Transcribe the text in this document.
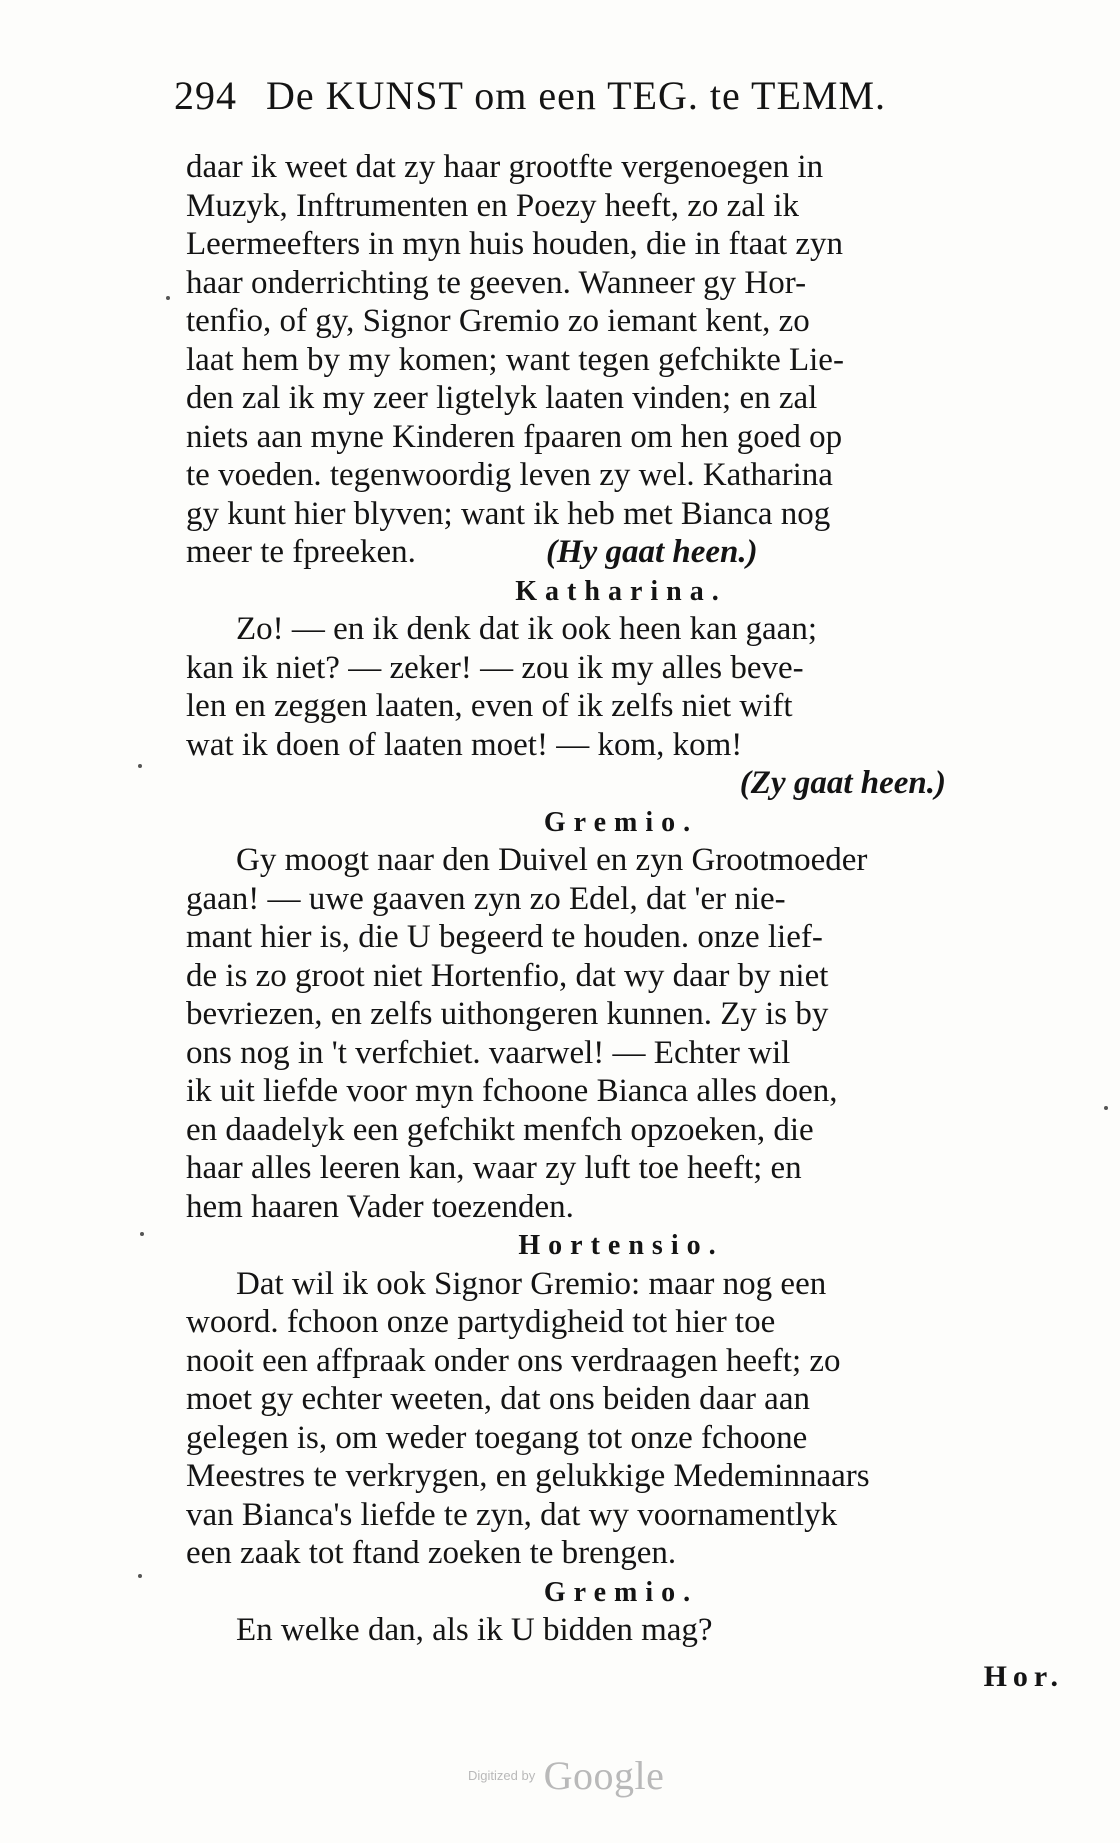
294 De KUNST om een TEG. te TEMM.
daar ik weet dat zy haar grootfte vergenoegen in
Muzyk, Inftrumenten en Poezy heeft, zo zal ik
Leermeefters in myn huis houden, die in ftaat zyn
haar onderrichting te geeven. Wanneer gy Hor-
tenfio, of gy, Signor Gremio zo iemant kent, zo
laat hem by my komen; want tegen gefchikte Lie-
den zal ik my zeer ligtelyk laaten vinden; en zal
niets aan myne Kinderen fpaaren om hen goed op
te voeden. tegenwoordig leven zy wel. Katharina
gy kunt hier blyven; want ik heb met Bianca nog
meer te fpreeken.	(Hy gaat heen.)
Katharina.
Zo! — en ik denk dat ik ook heen kan gaan;
kan ik niet? — zeker! — zou ik my alles beve-
len en zeggen laaten, even of ik zelfs niet wift
wat ik doen of laaten moet! — kom, kom!
(Zy gaat heen.)
Gremio.
Gy moogt naar den Duivel en zyn Grootmoeder
gaan! — uwe gaaven zyn zo Edel, dat 'er nie-
mant hier is, die U begeerd te houden. onze lief-
de is zo groot niet Hortenfio, dat wy daar by niet
bevriezen, en zelfs uithongeren kunnen. Zy is by
ons nog in 't verfchiet. vaarwel! — Echter wil
ik uit liefde voor myn fchoone Bianca alles doen,
en daadelyk een gefchikt menfch opzoeken, die
haar alles leeren kan, waar zy luft toe heeft; en
hem haaren Vader toezenden.
Hortensio.
Dat wil ik ook Signor Gremio: maar nog een
woord. fchoon onze partydigheid tot hier toe
nooit een affpraak onder ons verdraagen heeft; zo
moet gy echter weeten, dat ons beiden daar aan
gelegen is, om weder toegang tot onze fchoone
Meestres te verkrygen, en gelukkige Medeminnaars
van Bianca's liefde te zyn, dat wy voornamentlyk
een zaak tot ftand zoeken te brengen.
Gremio.
En welke dan, als ik U bidden mag?
Hor.
Digitized by Google
